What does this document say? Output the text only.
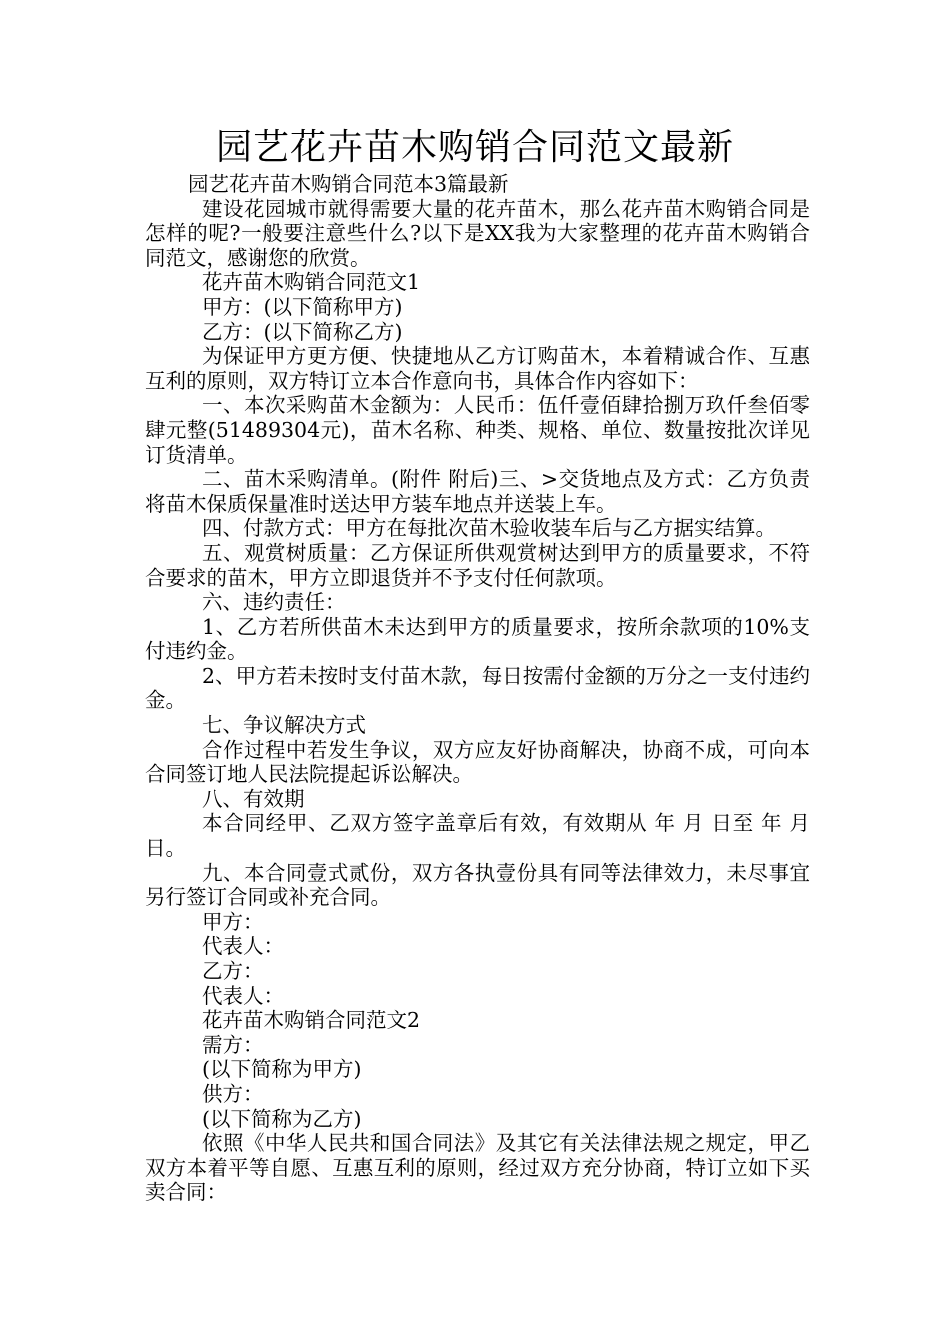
园艺花卉苗木购销合同范文最新

园艺花卉苗木购销合同范本3篇最新

建设花园城市就得需要大量的花卉苗木，那么花卉苗木购销合同是怎样的呢?一般要注意些什么?以下是XX我为大家整理的花卉苗木购销合同范文，感谢您的欣赏。

花卉苗木购销合同范文1

甲方：(以下简称甲方)

乙方：(以下简称乙方)

为保证甲方更方便、快捷地从乙方订购苗木，本着精诚合作、互惠互利的原则，双方特订立本合作意向书，具体合作内容如下：

一、本次采购苗木金额为：人民币：伍仟壹佰肆拾捌万玖仟叁佰零肆元整(51489304元)，苗木名称、种类、规格、单位、数量按批次详见订货清单。

二、苗木采购清单。(附件 附后)三、>交货地点及方式：乙方负责将苗木保质保量准时送达甲方装车地点并送装上车。

四、付款方式：甲方在每批次苗木验收装车后与乙方据实结算。

五、观赏树质量：乙方保证所供观赏树达到甲方的质量要求，不符合要求的苗木，甲方立即退货并不予支付任何款项。

六、违约责任：

1、乙方若所供苗木未达到甲方的质量要求，按所余款项的10%支付违约金。

2、甲方若未按时支付苗木款，每日按需付金额的万分之一支付违约金。

七、争议解决方式

合作过程中若发生争议，双方应友好协商解决，协商不成，可向本合同签订地人民法院提起诉讼解决。

八、有效期

本合同经甲、乙双方签字盖章后有效，有效期从 年 月 日至 年 月 日。

九、本合同壹式贰份，双方各执壹份具有同等法律效力，未尽事宜另行签订合同或补充合同。

甲方：

代表人：

乙方：

代表人：

花卉苗木购销合同范文2

需方：

(以下简称为甲方)

供方：

(以下简称为乙方)

依照《中华人民共和国合同法》及其它有关法律法规之规定，甲乙双方本着平等自愿、互惠互利的原则，经过双方充分协商，特订立如下买卖合同：
